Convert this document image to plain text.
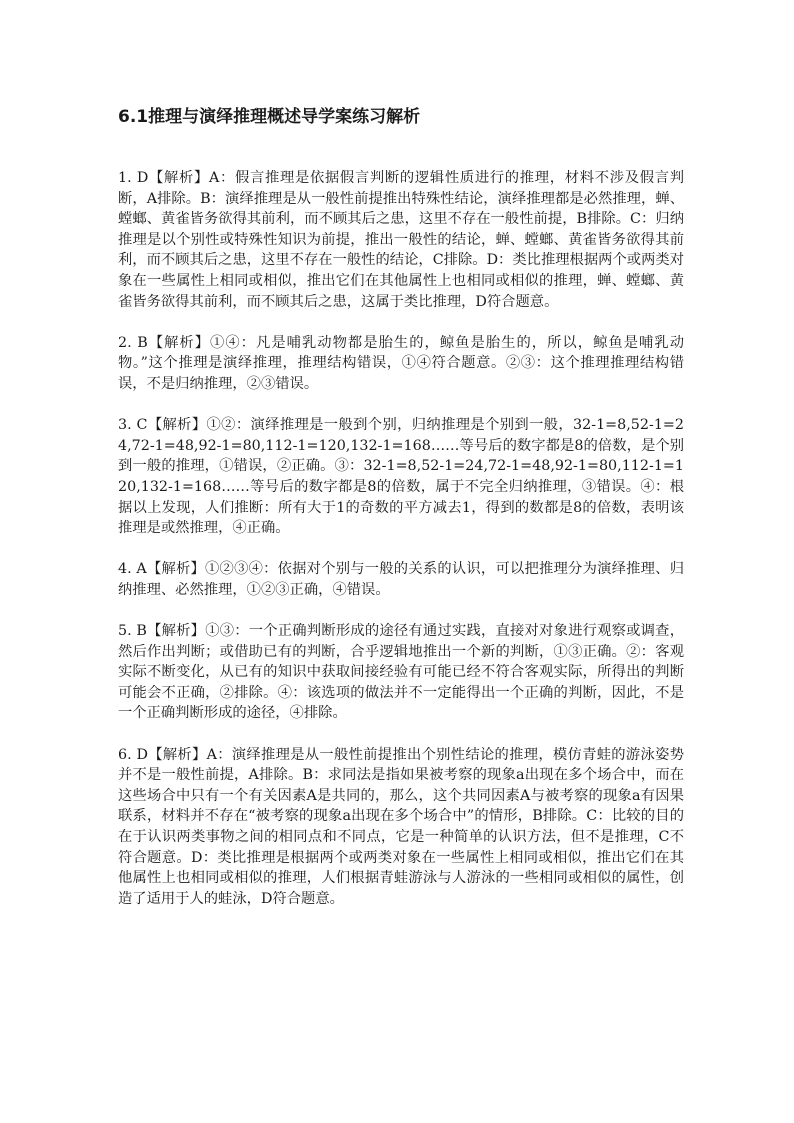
6.1推理与演绎推理概述导学案练习解析

1. D【解析】A：假言推理是依据假言判断的逻辑性质进行的推理，材料不涉及假言判断，A排除。B：演绎推理是从一般性前提推出特殊性结论，演绎推理都是必然推理，蝉、螳螂、黄雀皆务欲得其前利，而不顾其后之患，这里不存在一般性前提，B排除。C：归纳推理是以个别性或特殊性知识为前提，推出一般性的结论，蝉、螳螂、黄雀皆务欲得其前利，而不顾其后之患，这里不存在一般性的结论，C排除。D：类比推理根据两个或两类对象在一些属性上相同或相似，推出它们在其他属性上也相同或相似的推理，蝉、螳螂、黄雀皆务欲得其前利，而不顾其后之患，这属于类比推理，D符合题意。

2. B【解析】①④：凡是哺乳动物都是胎生的，鲸鱼是胎生的，所以，鲸鱼是哺乳动物。”这个推理是演绎推理，推理结构错误，①④符合题意。②③：这个推理推理结构错误，不是归纳推理，②③错误。

3. C【解析】①②：演绎推理是一般到个别，归纳推理是个别到一般，32-1=8,52-1=24,72-1=48,92-1=80,112-1=120,132-1=168……等号后的数字都是8的倍数，是个别到一般的推理，①错误，②正确。③：32-1=8,52-1=24,72-1=48,92-1=80,112-1=120,132-1=168……等号后的数字都是8的倍数，属于不完全归纳推理，③错误。④：根据以上发现，人们推断：所有大于1的奇数的平方减去1，得到的数都是8的倍数，表明该推理是或然推理，④正确。

4. A【解析】①②③④：依据对个别与一般的关系的认识，可以把推理分为演绎推理、归纳推理、必然推理，①②③正确，④错误。

5. B【解析】①③：一个正确判断形成的途径有通过实践，直接对对象进行观察或调查，然后作出判断；或借助已有的判断，合乎逻辑地推出一个新的判断，①③正确。②：客观实际不断变化，从已有的知识中获取间接经验有可能已经不符合客观实际，所得出的判断可能会不正确，②排除。④：该选项的做法并不一定能得出一个正确的判断，因此，不是一个正确判断形成的途径，④排除。

6. D【解析】A：演绎推理是从一般性前提推出个别性结论的推理，模仿青蛙的游泳姿势并不是一般性前提，A排除。B：求同法是指如果被考察的现象a出现在多个场合中，而在这些场合中只有一个有关因素A是共同的，那么，这个共同因素A与被考察的现象a有因果联系，材料并不存在“被考察的现象a出现在多个场合中”的情形，B排除。C：比较的目的在于认识两类事物之间的相同点和不同点，它是一种简单的认识方法，但不是推理，C不符合题意。D：类比推理是根据两个或两类对象在一些属性上相同或相似，推出它们在其他属性上也相同或相似的推理，人们根据青蛙游泳与人游泳的一些相同或相似的属性，创造了适用于人的蛙泳，D符合题意。
